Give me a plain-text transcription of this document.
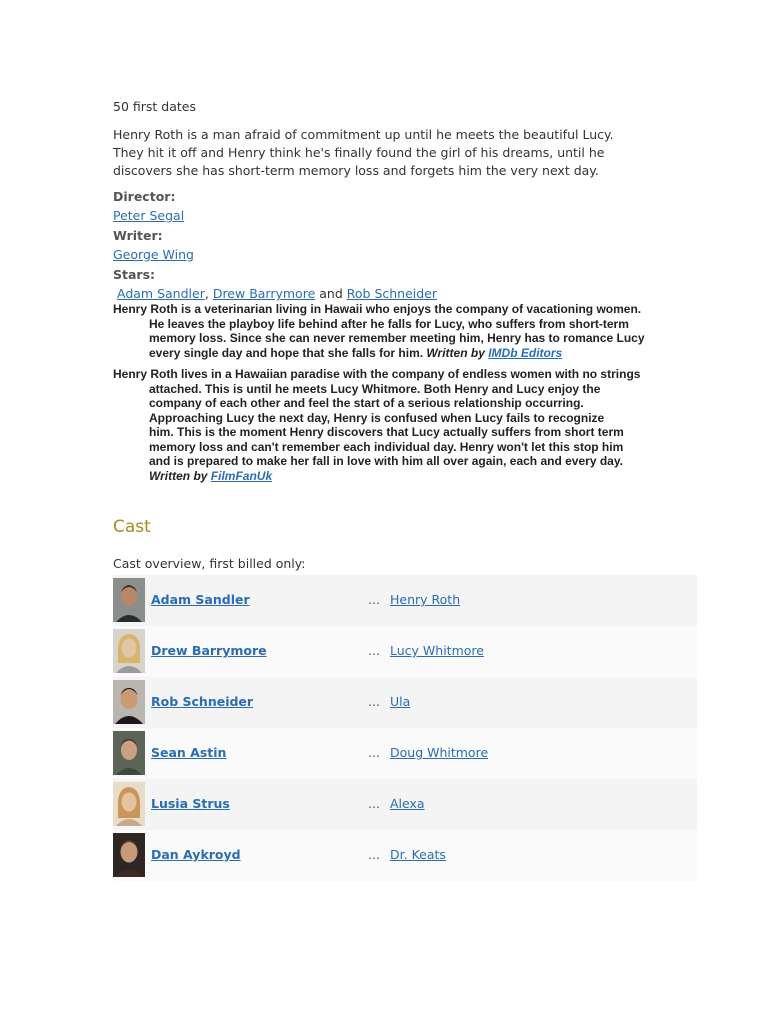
50 first dates
Henry Roth is a man afraid of commitment up until he meets the beautiful Lucy. They hit it off and Henry think he's finally found the girl of his dreams, until he discovers she has short-term memory loss and forgets him the very next day.
Director:
Peter Segal
Writer:
George Wing
Stars:
Adam Sandler, Drew Barrymore and Rob Schneider
Henry Roth is a veterinarian living in Hawaii who enjoys the company of vacationing women.
He leaves the playboy life behind after he falls for Lucy, who suffers from short-term memory loss. Since she can never remember meeting him, Henry has to romance Lucy every single day and hope that she falls for him. Written by IMDb Editors
Henry Roth lives in a Hawaiian paradise with the company of endless women with no strings
attached. This is until he meets Lucy Whitmore. Both Henry and Lucy enjoy the company of each other and feel the start of a serious relationship occurring. Approaching Lucy the next day, Henry is confused when Lucy fails to recognize him. This is the moment Henry discovers that Lucy actually suffers from short term memory loss and can't remember each individual day. Henry won't let this stop him and is prepared to make her fall in love with him all over again, each and every day. Written by FilmFanUk
Cast
Cast overview, first billed only:
Adam Sandler	... Henry Roth
Drew Barrymore	... Lucy Whitmore
Rob Schneider	... Ula
Sean Astin	... Doug Whitmore
Lusia Strus	... Alexa
Dan Aykroyd	... Dr. Keats
